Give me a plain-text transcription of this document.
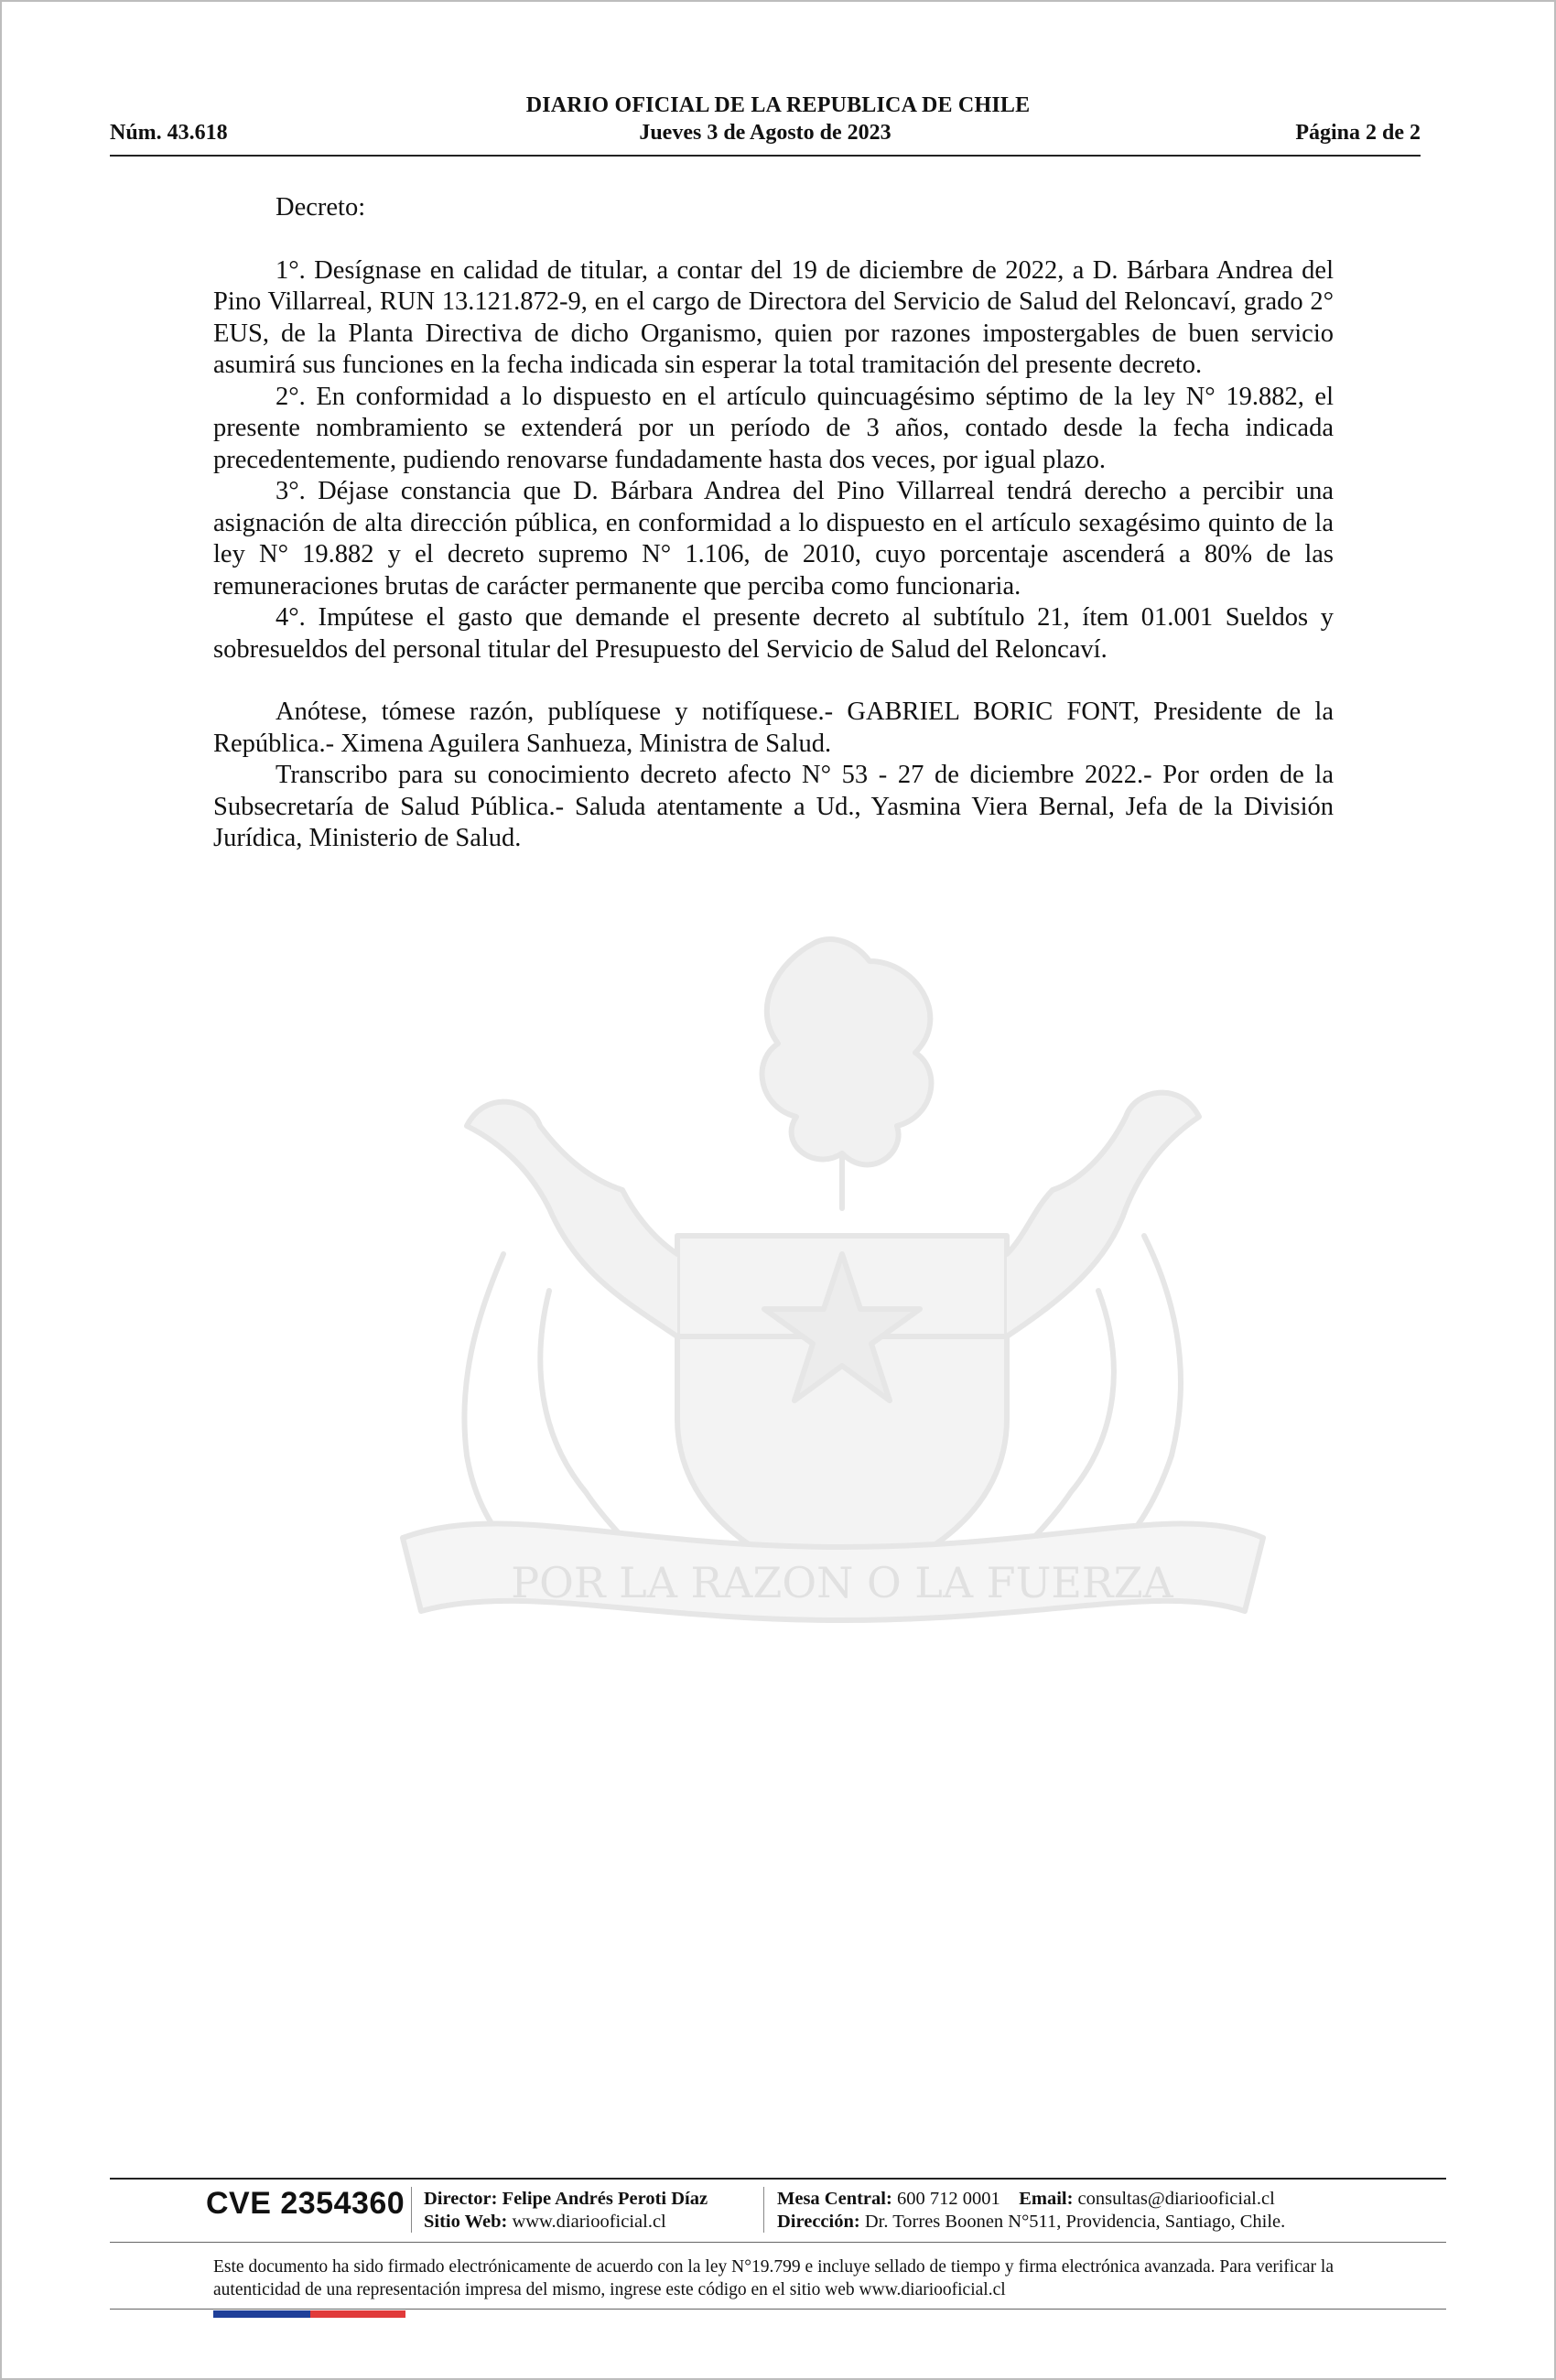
DIARIO OFICIAL DE LA REPUBLICA DE CHILE
Jueves 3 de Agosto de 2023
Núm. 43.618	Página 2 de 2
POR LA RAZON O LA FUERZA

Decreto:

1°. Desígnase en calidad de titular, a contar del 19 de diciembre de 2022, a D. Bárbara Andrea del Pino Villarreal, RUN 13.121.872-9, en el cargo de Directora del Servicio de Salud del Reloncaví, grado 2° EUS, de la Planta Directiva de dicho Organismo, quien por razones impostergables de buen servicio asumirá sus funciones en la fecha indicada sin esperar la total tramitación del presente decreto.

2°. En conformidad a lo dispuesto en el artículo quincuagésimo séptimo de la ley N° 19.882, el presente nombramiento se extenderá por un período de 3 años, contado desde la fecha indicada precedentemente, pudiendo renovarse fundadamente hasta dos veces, por igual plazo.

3°. Déjase constancia que D. Bárbara Andrea del Pino Villarreal tendrá derecho a percibir una asignación de alta dirección pública, en conformidad a lo dispuesto en el artículo sexagésimo quinto de la ley N° 19.882 y el decreto supremo N° 1.106, de 2010, cuyo porcentaje ascenderá a 80% de las remuneraciones brutas de carácter permanente que perciba como funcionaria.

4°. Impútese el gasto que demande el presente decreto al subtítulo 21, ítem 01.001 Sueldos y sobresueldos del personal titular del Presupuesto del Servicio de Salud del Reloncaví.

Anótese, tómese razón, publíquese y notifíquese.- GABRIEL BORIC FONT, Presidente de la República.- Ximena Aguilera Sanhueza, Ministra de Salud.

Transcribo para su conocimiento decreto afecto N° 53 - 27 de diciembre 2022.- Por orden de la Subsecretaría de Salud Pública.- Saluda atentamente a Ud., Yasmina Viera Bernal, Jefa de la División Jurídica, Ministerio de Salud.

CVE 2354360 Director: Felipe Andrés Peroti Díaz
Sitio Web: www.diariooficial.cl
Mesa Central: 600 712 0001 Email: consultas@diariooficial.cl
Dirección: Dr. Torres Boonen N°511, Providencia, Santiago, Chile.
Este documento ha sido firmado electrónicamente de acuerdo con la ley N°19.799 e incluye sellado de tiempo y firma electrónica avanzada. Para verificar la autenticidad de una representación impresa del mismo, ingrese este código en el sitio web www.diariooficial.cl
